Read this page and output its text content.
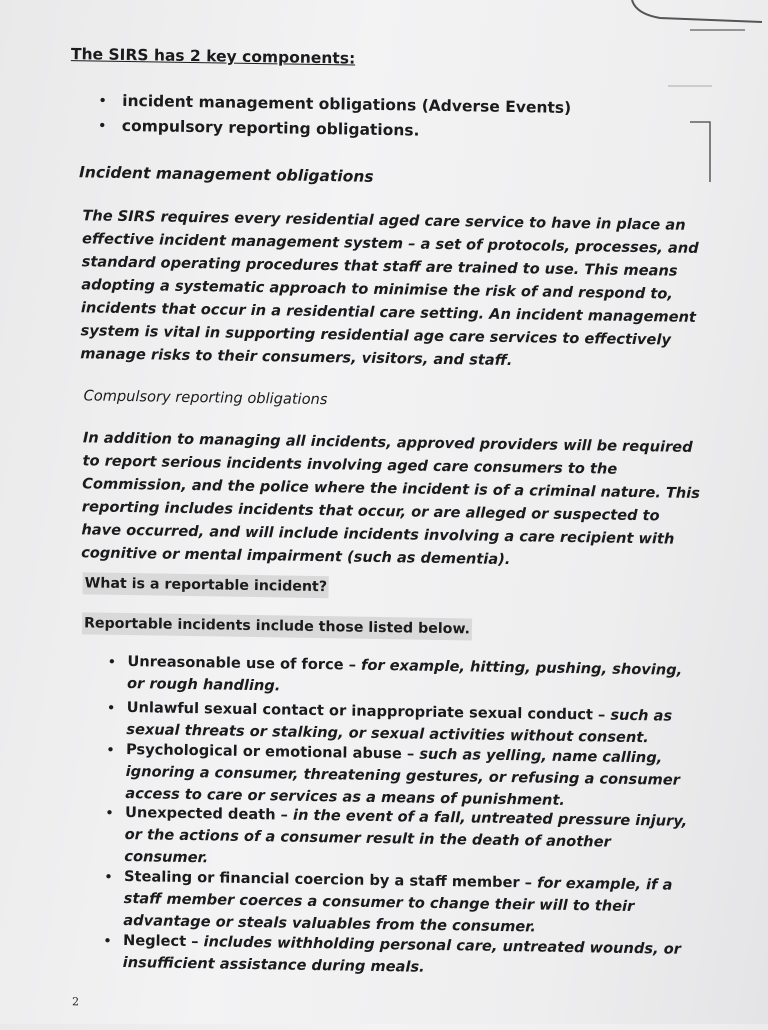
The SIRS has 2 key components:
• incident management obligations (Adverse Events)
• compulsory reporting obligations.
Incident management obligations
The SIRS requires every residential aged care service to have in place an
effective incident management system – a set of protocols, processes, and
standard operating procedures that staff are trained to use. This means
adopting a systematic approach to minimise the risk of and respond to,
incidents that occur in a residential care setting. An incident management
system is vital in supporting residential age care services to effectively
manage risks to their consumers, visitors, and staff.
Compulsory reporting obligations
In addition to managing all incidents, approved providers will be required
to report serious incidents involving aged care consumers to the
Commission, and the police where the incident is of a criminal nature. This
reporting includes incidents that occur, or are alleged or suspected to
have occurred, and will include incidents involving a care recipient with
cognitive or mental impairment (such as dementia).
What is a reportable incident?
Reportable incidents include those listed below.
• Unreasonable use of force – for example, hitting, pushing, shoving,
or rough handling.
• Unlawful sexual contact or inappropriate sexual conduct – such as
sexual threats or stalking, or sexual activities without consent.
• Psychological or emotional abuse – such as yelling, name calling,
ignoring a consumer, threatening gestures, or refusing a consumer
access to care or services as a means of punishment.
• Unexpected death – in the event of a fall, untreated pressure injury,
or the actions of a consumer result in the death of another
consumer.
• Stealing or financial coercion by a staff member – for example, if a
staff member coerces a consumer to change their will to their
advantage or steals valuables from the consumer.
• Neglect – includes withholding personal care, untreated wounds, or
insufficient assistance during meals.
2
